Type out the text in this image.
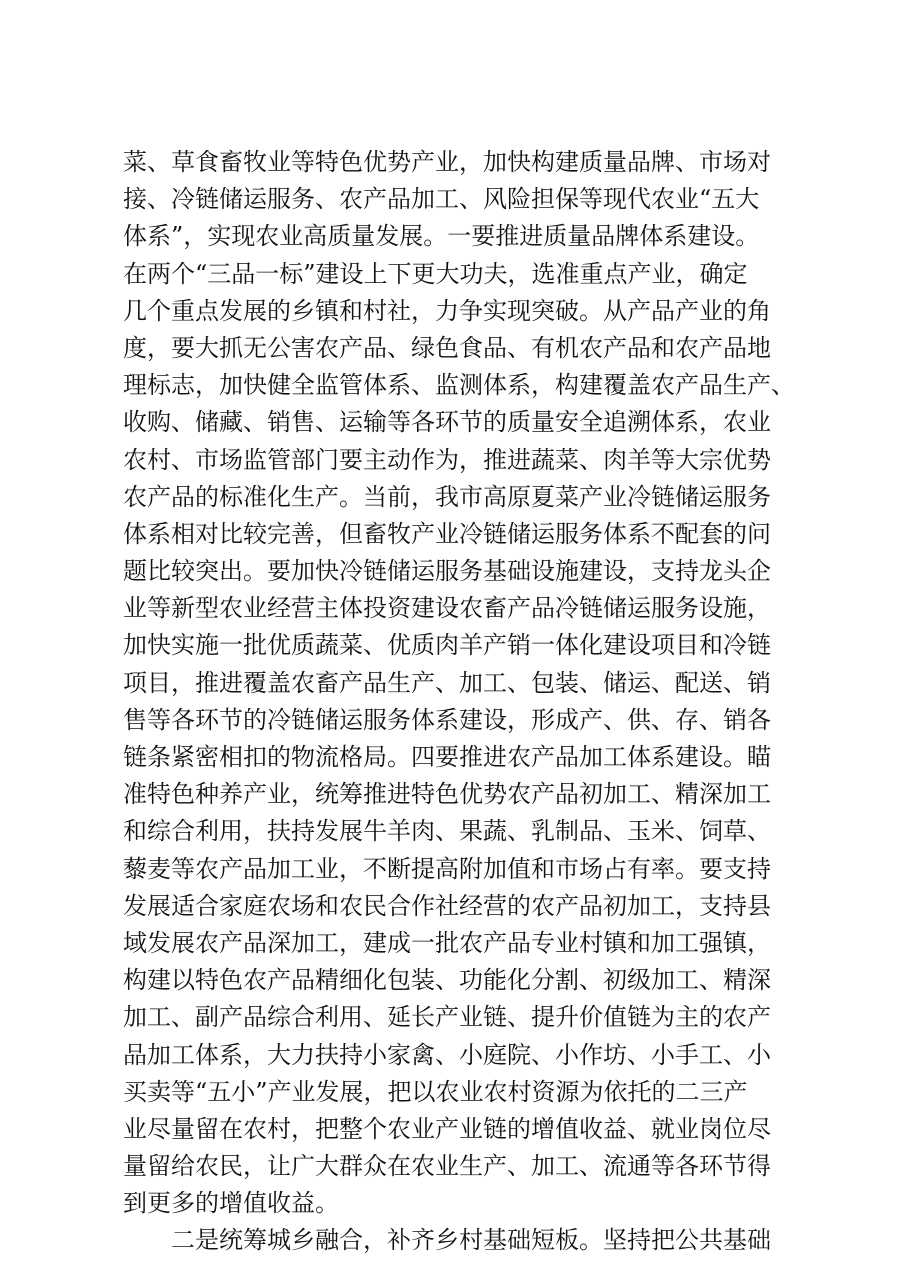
菜、草食畜牧业等特色优势产业，加快构建质量品牌、市场对
接、冷链储运服务、农产品加工、风险担保等现代农业“五大
体系”，实现农业高质量发展。一要推进质量品牌体系建设。
在两个“三品一标”建设上下更大功夫，选准重点产业，确定
几个重点发展的乡镇和村社，力争实现突破。从产品产业的角
度，要大抓无公害农产品、绿色食品、有机农产品和农产品地
理标志，加快健全监管体系、监测体系，构建覆盖农产品生产、
收购、储藏、销售、运输等各环节的质量安全追溯体系，农业
农村、市场监管部门要主动作为，推进蔬菜、肉羊等大宗优势
农产品的标准化生产。当前，我市高原夏菜产业冷链储运服务
体系相对比较完善，但畜牧产业冷链储运服务体系不配套的问
题比较突出。要加快冷链储运服务基础设施建设，支持龙头企
业等新型农业经营主体投资建设农畜产品冷链储运服务设施，
加快实施一批优质蔬菜、优质肉羊产销一体化建设项目和冷链
项目，推进覆盖农畜产品生产、加工、包装、储运、配送、销
售等各环节的冷链储运服务体系建设，形成产、供、存、销各
链条紧密相扣的物流格局。四要推进农产品加工体系建设。瞄
准特色种养产业，统筹推进特色优势农产品初加工、精深加工
和综合利用，扶持发展牛羊肉、果蔬、乳制品、玉米、饲草、
藜麦等农产品加工业，不断提高附加值和市场占有率。要支持
发展适合家庭农场和农民合作社经营的农产品初加工，支持县
域发展农产品深加工，建成一批农产品专业村镇和加工强镇，
构建以特色农产品精细化包装、功能化分割、初级加工、精深
加工、副产品综合利用、延长产业链、提升价值链为主的农产
品加工体系，大力扶持小家禽、小庭院、小作坊、小手工、小
买卖等“五小”产业发展，把以农业农村资源为依托的二三产
业尽量留在农村，把整个农业产业链的增值收益、就业岗位尽
量留给农民，让广大群众在农业生产、加工、流通等各环节得
到更多的增值收益。
二是统筹城乡融合，补齐乡村基础短板。坚持把公共基础
